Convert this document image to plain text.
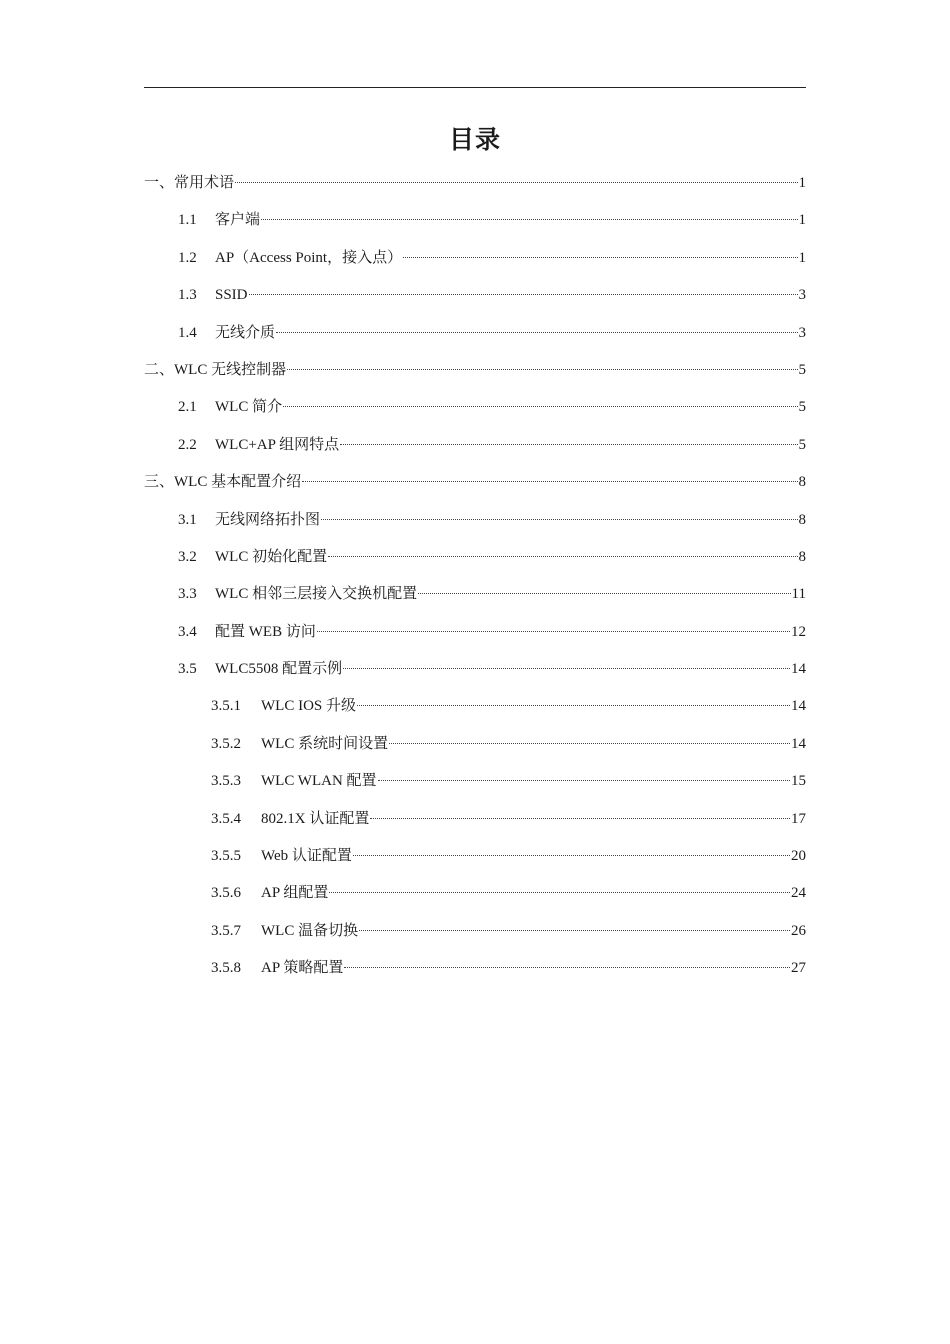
目录
一、 常用术语	1
1.1	客户端	1
1.2	AP（Access Point，接入点）	1
1.3	SSID	3
1.4	无线介质	3
二、 WLC 无线控制器	5
2.1	WLC 简介	5
2.2	WLC+AP 组网特点	5
三、 WLC 基本配置介绍	8
3.1	无线网络拓扑图	8
3.2	WLC 初始化配置	8
3.3	WLC 相邻三层接入交换机配置	11
3.4	配置 WEB 访问	12
3.5	WLC5508 配置示例	14
3.5.1	WLC IOS 升级	14
3.5.2	WLC 系统时间设置	14
3.5.3	WLC WLAN 配置	15
3.5.4	802.1X 认证配置	17
3.5.5	Web 认证配置	20
3.5.6	AP 组配置	24
3.5.7	WLC 温备切换	26
3.5.8	AP 策略配置	27
